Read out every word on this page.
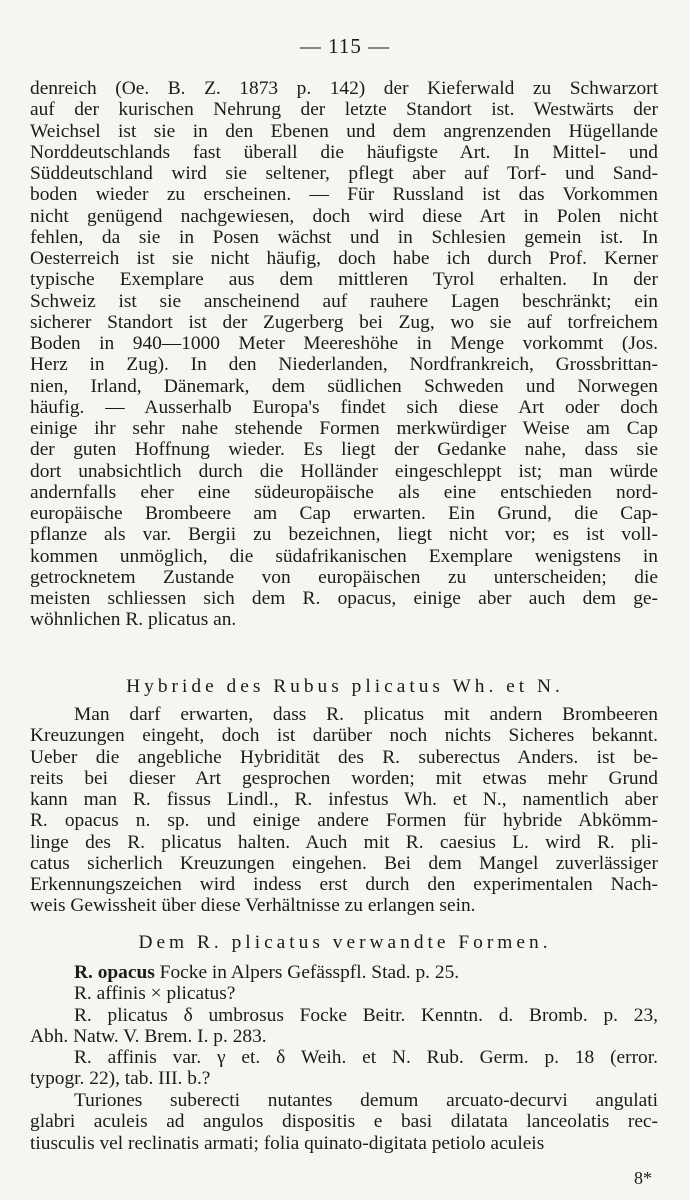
— 115 —
denreich (Oe. B. Z. 1873 p. 142) der Kieferwald zu Schwarzort
auf der kurischen Nehrung der letzte Standort ist. Westwärts der
Weichsel ist sie in den Ebenen und dem angrenzenden Hügellande
Norddeutschlands fast überall die häufigste Art. In Mittel- und
Süddeutschland wird sie seltener, pflegt aber auf Torf- und Sand-
boden wieder zu erscheinen. — Für Russland ist das Vorkommen
nicht genügend nachgewiesen, doch wird diese Art in Polen nicht
fehlen, da sie in Posen wächst und in Schlesien gemein ist. In
Oesterreich ist sie nicht häufig, doch habe ich durch Prof. Kerner
typische Exemplare aus dem mittleren Tyrol erhalten. In der
Schweiz ist sie anscheinend auf rauhere Lagen beschränkt; ein
sicherer Standort ist der Zugerberg bei Zug, wo sie auf torfreichem
Boden in 940—1000 Meter Meereshöhe in Menge vorkommt (Jos.
Herz in Zug). In den Niederlanden, Nordfrankreich, Grossbrittan-
nien, Irland, Dänemark, dem südlichen Schweden und Norwegen
häufig. — Ausserhalb Europa's findet sich diese Art oder doch
einige ihr sehr nahe stehende Formen merkwürdiger Weise am Cap
der guten Hoffnung wieder. Es liegt der Gedanke nahe, dass sie
dort unabsichtlich durch die Holländer eingeschleppt ist; man würde
andernfalls eher eine südeuropäische als eine entschieden nord-
europäische Brombeere am Cap erwarten. Ein Grund, die Cap-
pflanze als var. Bergii zu bezeichnen, liegt nicht vor; es ist voll-
kommen unmöglich, die südafrikanischen Exemplare wenigstens in
getrocknetem Zustande von europäischen zu unterscheiden; die
meisten schliessen sich dem R. opacus, einige aber auch dem ge-
wöhnlichen R. plicatus an.
Hybride des Rubus plicatus Wh. et N.
Man darf erwarten, dass R. plicatus mit andern Brombeeren
Kreuzungen eingeht, doch ist darüber noch nichts Sicheres bekannt.
Ueber die angebliche Hybridität des R. suberectus Anders. ist be-
reits bei dieser Art gesprochen worden; mit etwas mehr Grund
kann man R. fissus Lindl., R. infestus Wh. et N., namentlich aber
R. opacus n. sp. und einige andere Formen für hybride Abkömm-
linge des R. plicatus halten. Auch mit R. caesius L. wird R. pli-
catus sicherlich Kreuzungen eingehen. Bei dem Mangel zuverlässiger
Erkennungszeichen wird indess erst durch den experimentalen Nach-
weis Gewissheit über diese Verhältnisse zu erlangen sein.
Dem R. plicatus verwandte Formen.
R. opacus Focke in Alpers Gefässpfl. Stad. p. 25.
R. affinis × plicatus?
R. plicatus δ umbrosus Focke Beitr. Kenntn. d. Bromb. p. 23,
Abh. Natw. V. Brem. I. p. 283.
R. affinis var. γ et. δ Weih. et N. Rub. Germ. p. 18 (error.
typogr. 22), tab. III. b.?
Turiones suberecti nutantes demum arcuato-decurvi angulati
glabri aculeis ad angulos dispositis e basi dilatata lanceolatis rec-
tiusculis vel reclinatis armati; folia quinato-digitata petiolo aculeis
8*
